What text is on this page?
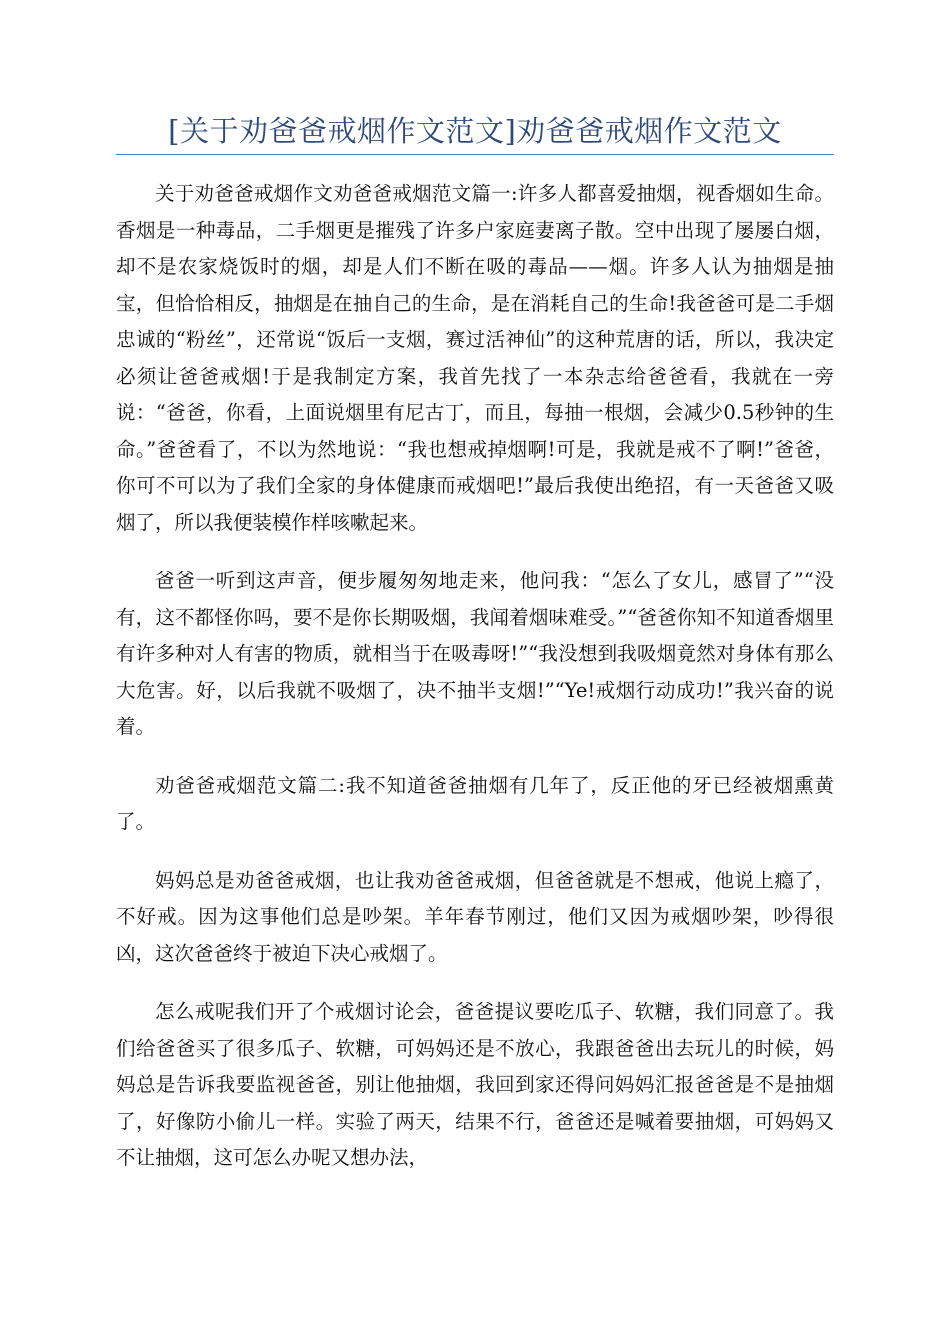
[关于劝爸爸戒烟作文范文]劝爸爸戒烟作文范文

关于劝爸爸戒烟作文劝爸爸戒烟范文篇一:许多人都喜爱抽烟，视香烟如生命。香烟是一种毒品，二手烟更是摧残了许多户家庭妻离子散。空中出现了屡屡白烟，却不是农家烧饭时的烟，却是人们不断在吸的毒品——烟。许多人认为抽烟是抽宝，但恰恰相反，抽烟是在抽自己的生命，是在消耗自己的生命!我爸爸可是二手烟忠诚的“粉丝”，还常说“饭后一支烟，赛过活神仙”的这种荒唐的话，所以，我决定必须让爸爸戒烟!于是我制定方案，我首先找了一本杂志给爸爸看，我就在一旁说：“爸爸，你看，上面说烟里有尼古丁，而且，每抽一根烟，会减少0.5秒钟的生命。”爸爸看了，不以为然地说：“我也想戒掉烟啊!可是，我就是戒不了啊!”爸爸，你可不可以为了我们全家的身体健康而戒烟吧!”最后我使出绝招，有一天爸爸又吸烟了，所以我便装模作样咳嗽起来。

爸爸一听到这声音，便步履匆匆地走来，他问我：“怎么了女儿，感冒了”“没有，这不都怪你吗，要不是你长期吸烟，我闻着烟味难受。”“爸爸你知不知道香烟里有许多种对人有害的物质，就相当于在吸毒呀!”“我没想到我吸烟竟然对身体有那么大危害。好，以后我就不吸烟了，决不抽半支烟!”“Ye!戒烟行动成功!”我兴奋的说着。

劝爸爸戒烟范文篇二:我不知道爸爸抽烟有几年了，反正他的牙已经被烟熏黄了。

妈妈总是劝爸爸戒烟，也让我劝爸爸戒烟，但爸爸就是不想戒，他说上瘾了，不好戒。因为这事他们总是吵架。羊年春节刚过，他们又因为戒烟吵架，吵得很凶，这次爸爸终于被迫下决心戒烟了。

怎么戒呢我们开了个戒烟讨论会，爸爸提议要吃瓜子、软糖，我们同意了。我们给爸爸买了很多瓜子、软糖，可妈妈还是不放心，我跟爸爸出去玩儿的时候，妈妈总是告诉我要监视爸爸，别让他抽烟，我回到家还得问妈妈汇报爸爸是不是抽烟了，好像防小偷儿一样。实验了两天，结果不行，爸爸还是喊着要抽烟，可妈妈又不让抽烟，这可怎么办呢又想办法，
